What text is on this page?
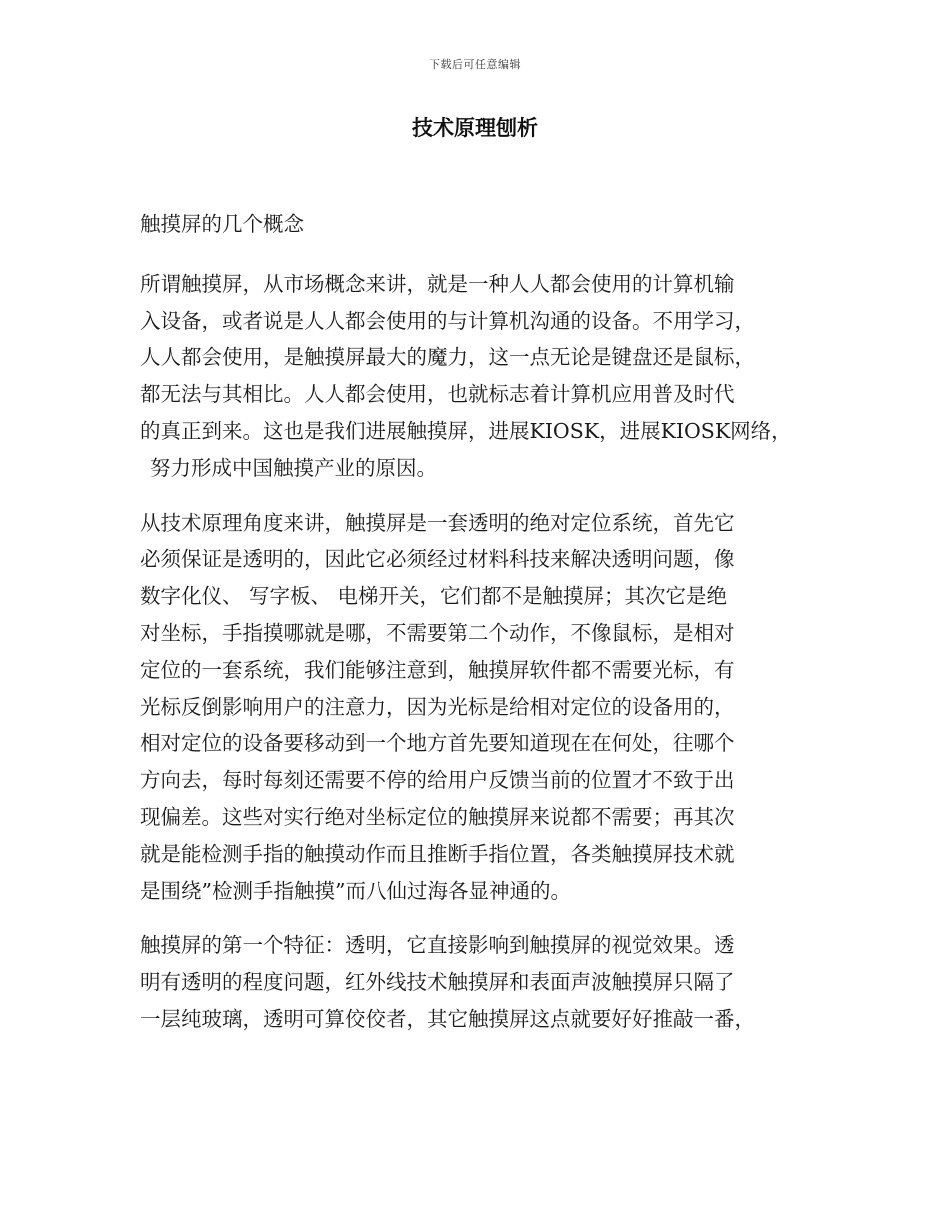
下载后可任意编辑
技术原理刨析
触摸屏的几个概念
所谓触摸屏，从市场概念来讲，就是一种人人都会使用的计算机输
入设备，或者说是人人都会使用的与计算机沟通的设备。不用学习，
人人都会使用，是触摸屏最大的魔力，这一点无论是键盘还是鼠标，
都无法与其相比。人人都会使用，也就标志着计算机应用普及时代
的真正到来。这也是我们进展触摸屏，进展KIOSK，进展KIOSK网络，
努力形成中国触摸产业的原因。
从技术原理角度来讲，触摸屏是一套透明的绝对定位系统，首先它
必须保证是透明的，因此它必须经过材料科技来解决透明问题，像
数字化仪、 写字板、 电梯开关，它们都不是触摸屏；其次它是绝
对坐标，手指摸哪就是哪，不需要第二个动作，不像鼠标，是相对
定位的一套系统，我们能够注意到，触摸屏软件都不需要光标，有
光标反倒影响用户的注意力，因为光标是给相对定位的设备用的，
相对定位的设备要移动到一个地方首先要知道现在在何处，往哪个
方向去，每时每刻还需要不停的给用户反馈当前的位置才不致于出
现偏差。这些对实行绝对坐标定位的触摸屏来说都不需要；再其次
就是能检测手指的触摸动作而且推断手指位置，各类触摸屏技术就
是围绕”检测手指触摸”而八仙过海各显神通的。
触摸屏的第一个特征：透明，它直接影响到触摸屏的视觉效果。透
明有透明的程度问题，红外线技术触摸屏和表面声波触摸屏只隔了
一层纯玻璃，透明可算佼佼者，其它触摸屏这点就要好好推敲一番，
